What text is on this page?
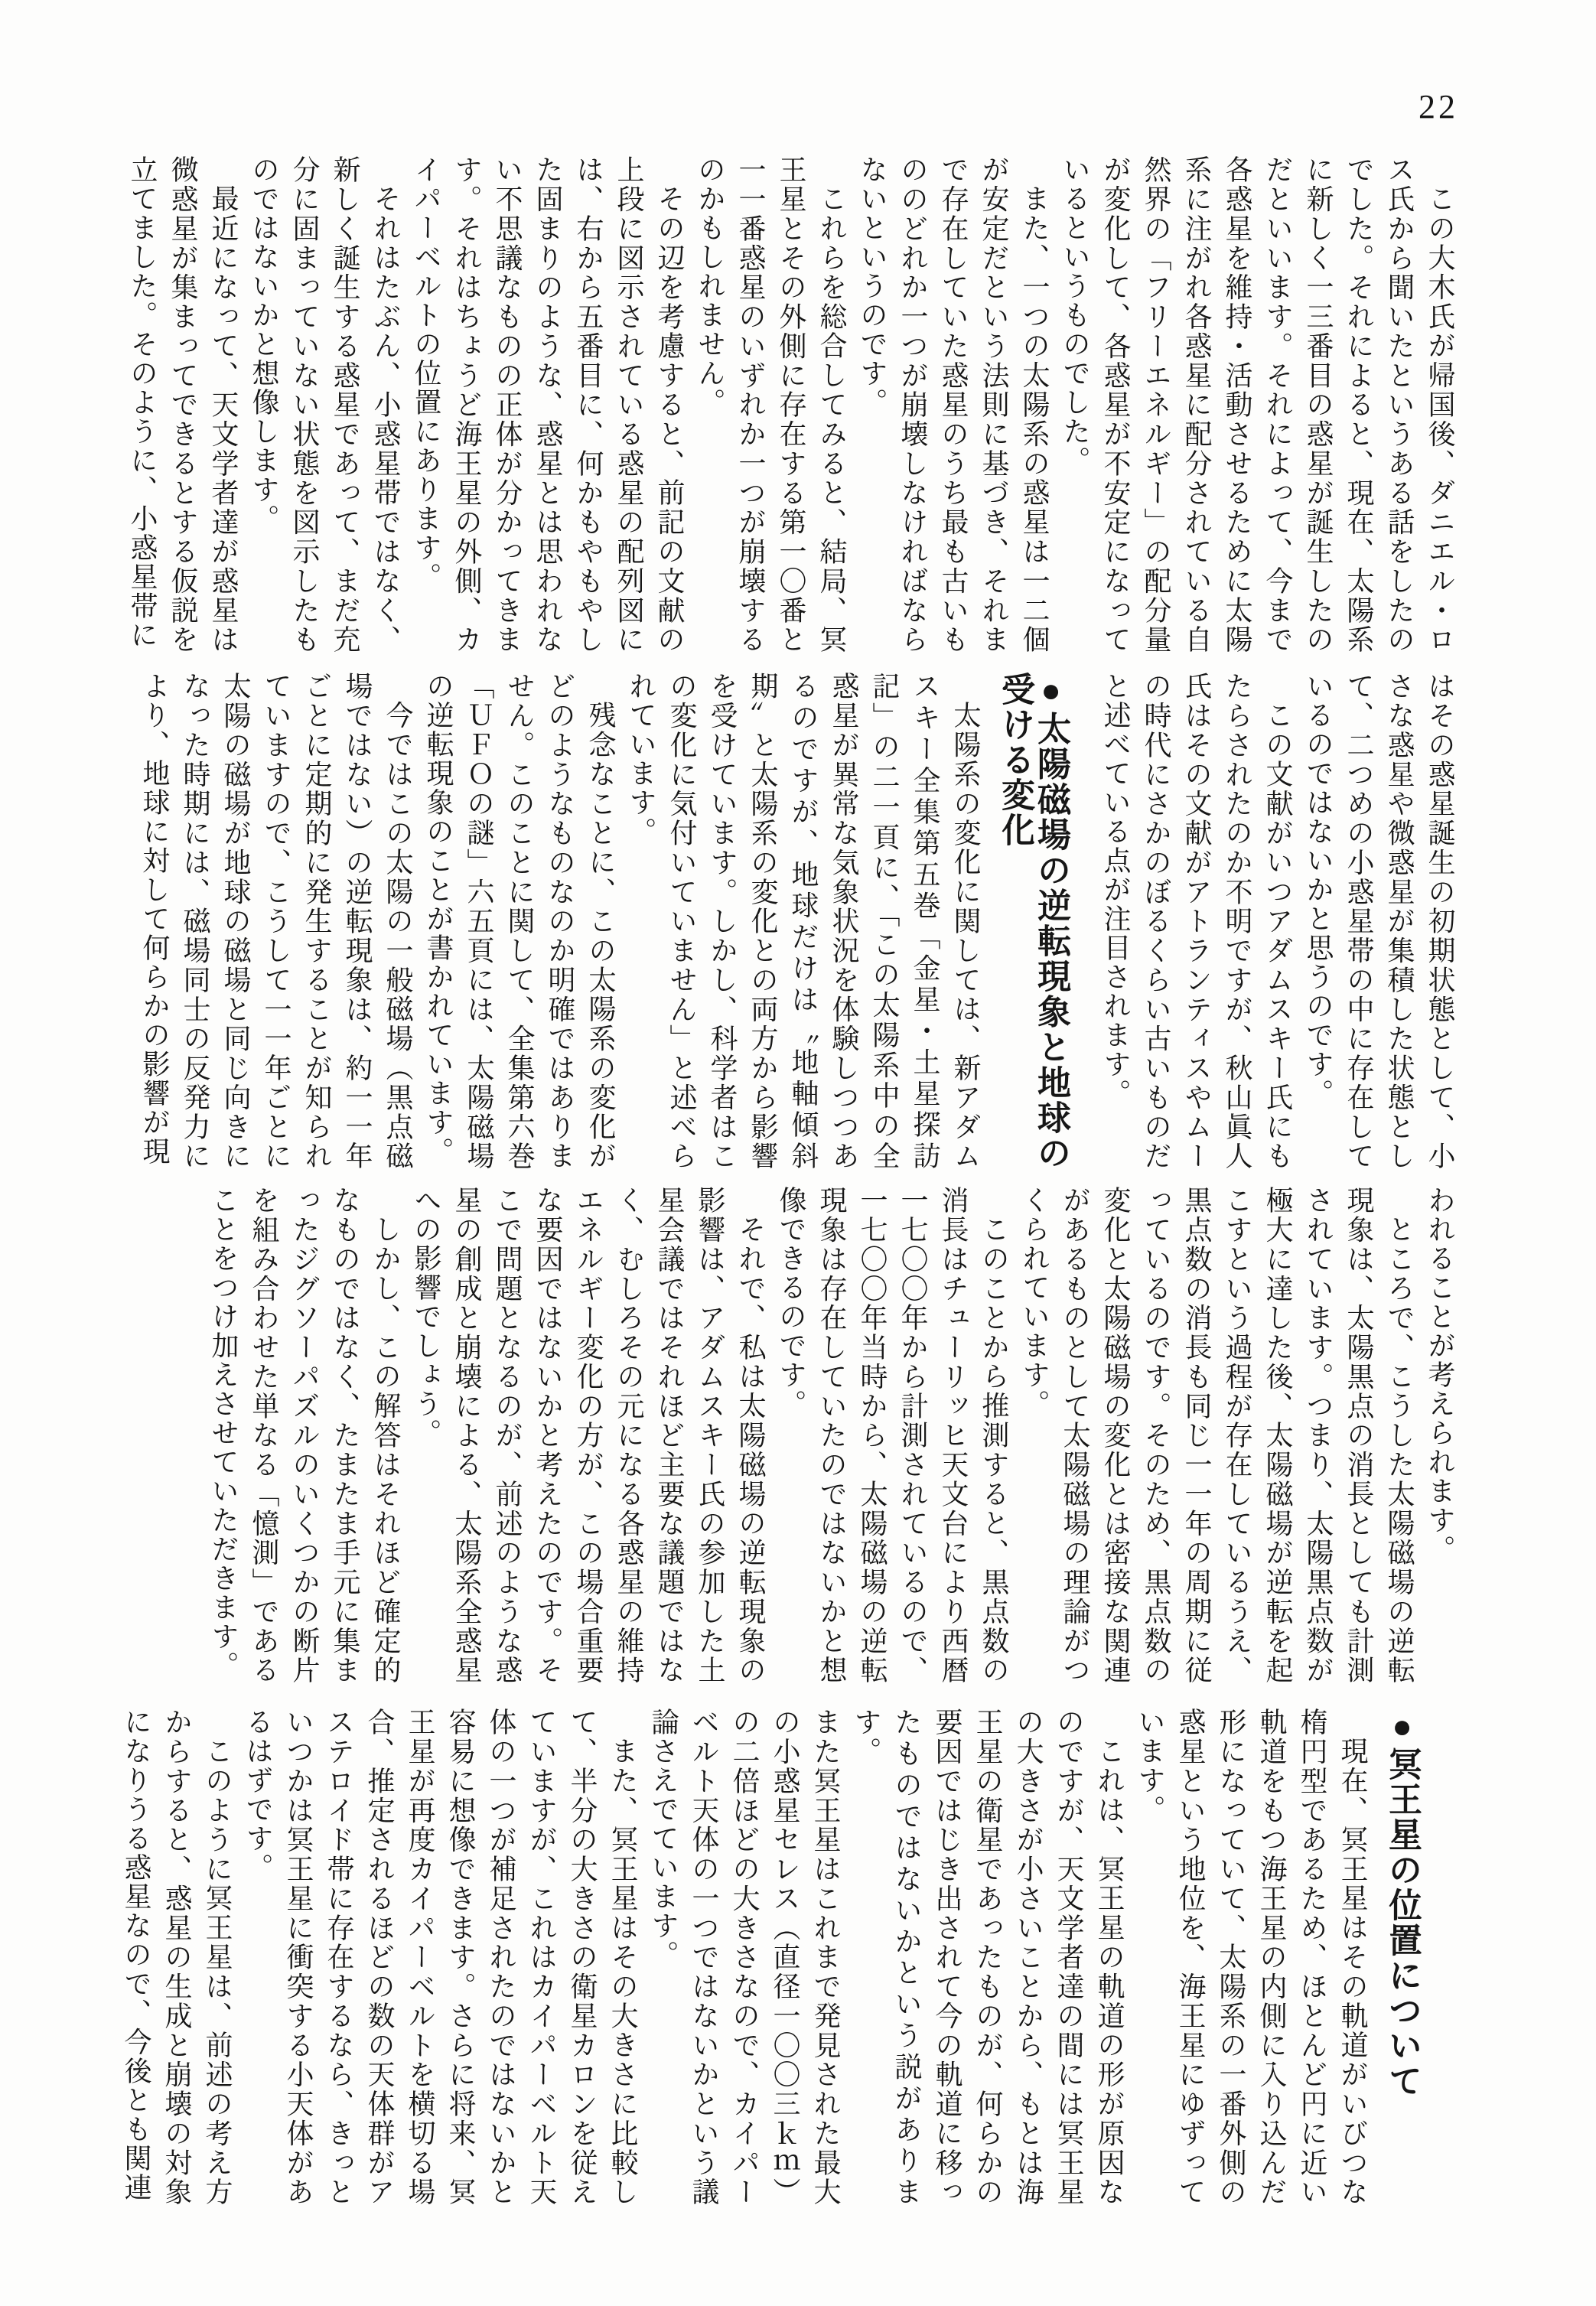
22

この大木氏が帰国後、ダニエル・ロス氏から聞いたというある話をしたのでした。それによると、現在、太陽系に新しく一三番目の惑星が誕生したのだといいます。それによって、今まで各惑星を維持・活動させるために太陽系に注がれ各惑星に配分されている自然界の「フリーエネルギー」の配分量が変化して、各惑星が不安定になっているというものでした。

また、一つの太陽系の惑星は一二個が安定だという法則に基づき、それまで存在していた惑星のうち最も古いもののどれか一つが崩壊しなければならないというのです。

これらを総合してみると、結局、冥王星とその外側に存在する第一〇番と一一番惑星のいずれか一つが崩壊するのかもしれません。

その辺を考慮すると、前記の文献の上段に図示されている惑星の配列図には、右から五番目に、何かもやもやした固まりのような、惑星とは思われない不思議なものの正体が分かってきます。それはちょうど海王星の外側、カイパーベルトの位置にあります。

それはたぶん、小惑星帯ではなく、新しく誕生する惑星であって、まだ充分に固まっていない状態を図示したものではないかと想像します。

最近になって、天文学者達が惑星は微惑星が集まってできるとする仮説を立てました。そのように、小惑星帯に

はその惑星誕生の初期状態として、小さな惑星や微惑星が集積した状態として、二つめの小惑星帯の中に存在しているのではないかと思うのです。

この文献がいつアダムスキー氏にもたらされたのか不明ですが、秋山眞人氏はその文献がアトランティスやムーの時代にさかのぼるくらい古いものだと述べている点が注目されます。

●太陽磁場の逆転現象と地球の受ける変化

太陽系の変化に関しては、新アダムスキー全集第五巻「金星・土星探訪記」の二一頁に、「この太陽系中の全惑星が異常な気象状況を体験しつつあるのですが、地球だけは〝地軸傾斜期〟と太陽系の変化との両方から影響を受けています。しかし、科学者はこの変化に気付いていません」と述べられています。

残念なことに、この太陽系の変化がどのようなものなのか明確ではありません。このことに関して、全集第六巻「ＵＦＯの謎」六五頁には、太陽磁場の逆転現象のことが書かれています。

今ではこの太陽の一般磁場（黒点磁場ではない）の逆転現象は、約一一年ごとに定期的に発生することが知られていますので、こうして一一年ごとに太陽の磁場が地球の磁場と同じ向きになった時期には、磁場同士の反発力により、地球に対して何らかの影響が現

われることが考えられます。

ところで、こうした太陽磁場の逆転現象は、太陽黒点の消長としても計測されています。つまり、太陽黒点数が極大に達した後、太陽磁場が逆転を起こすという過程が存在しているうえ、黒点数の消長も同じ一一年の周期に従っているのです。そのため、黒点数の変化と太陽磁場の変化とは密接な関連があるものとして太陽磁場の理論がつくられています。

このことから推測すると、黒点数の消長はチューリッヒ天文台により西暦一七〇〇年から計測されているので、一七〇〇年当時から、太陽磁場の逆転現象は存在していたのではないかと想像できるのです。

それで、私は太陽磁場の逆転現象の影響は、アダムスキー氏の参加した土星会議ではそれほど主要な議題ではなく、むしろその元になる各惑星の維持エネルギー変化の方が、この場合重要な要因ではないかと考えたのです。そこで問題となるのが、前述のような惑星の創成と崩壊による、太陽系全惑星への影響でしょう。

しかし、この解答はそれほど確定的なものではなく、たまたま手元に集まったジグソーパズルのいくつかの断片を組み合わせた単なる「憶測」であることをつけ加えさせていただきます。

●冥王星の位置について

現在、冥王星はその軌道がいびつな楕円型であるため、ほとんど円に近い軌道をもつ海王星の内側に入り込んだ形になっていて、太陽系の一番外側の惑星という地位を、海王星にゆずっています。

これは、冥王星の軌道の形が原因なのですが、天文学者達の間には冥王星の大きさが小さいことから、もとは海王星の衛星であったものが、何らかの要因ではじき出されて今の軌道に移ったものではないかという説があります。

また冥王星はこれまで発見された最大の小惑星セレス（直径一〇〇三ｋｍ）の二倍ほどの大きさなので、カイパーベルト天体の一つではないかという議論さえでています。

また、冥王星はその大きさに比較して、半分の大きさの衛星カロンを従えていますが、これはカイパーベルト天体の一つが補足されたのではないかと容易に想像できます。さらに将来、冥王星が再度カイパーベルトを横切る場合、推定されるほどの数の天体群がアステロイド帯に存在するなら、きっといつかは冥王星に衝突する小天体があるはずです。

このように冥王星は、前述の考え方からすると、惑星の生成と崩壊の対象になりうる惑星なので、今後とも関連
